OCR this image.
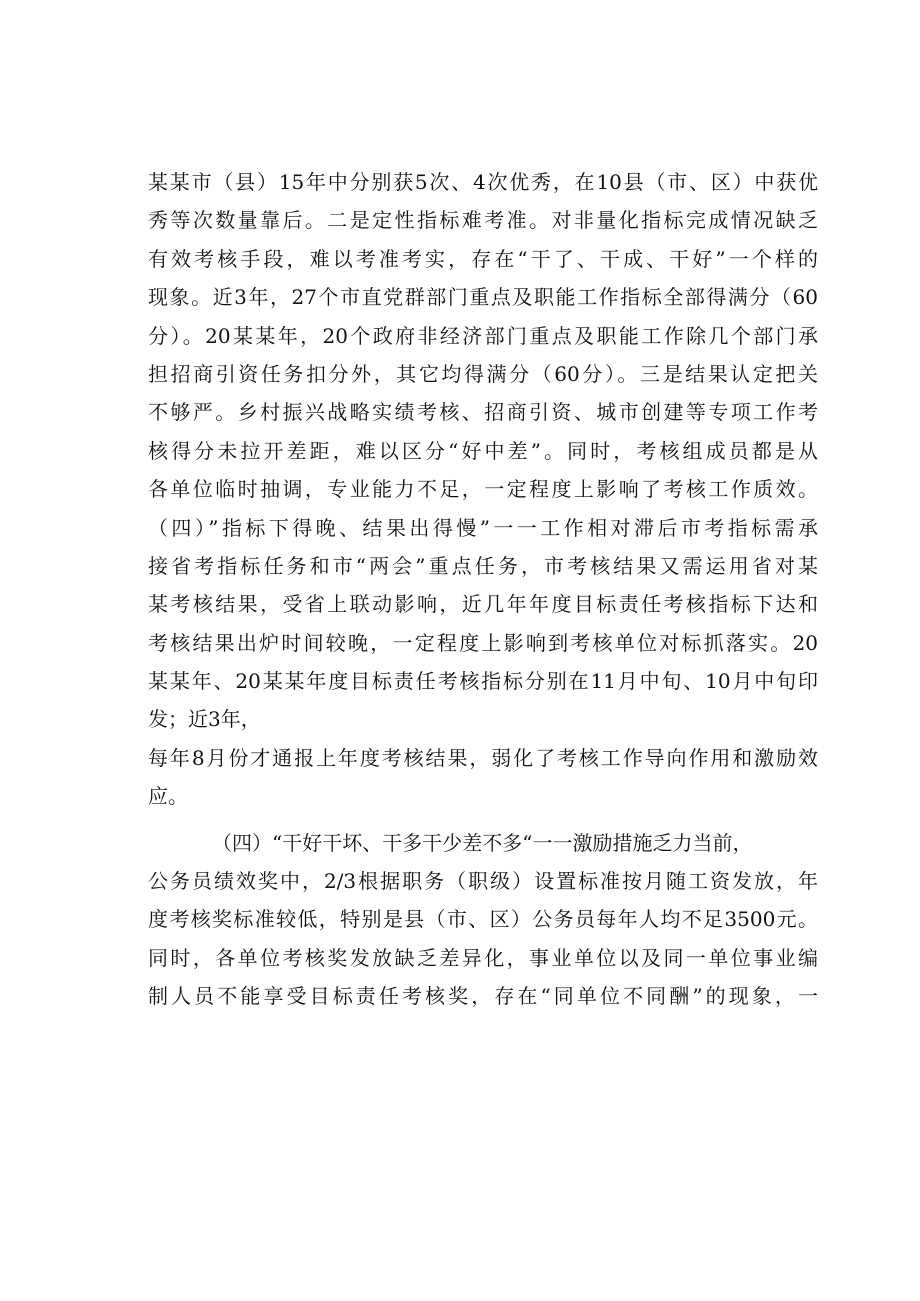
某某市（县）15年中分别获5次、4次优秀，在10县（市、区）中获优
秀等次数量靠后。二是定性指标难考准。对非量化指标完成情况缺乏
有效考核手段，难以考准考实，存在“干了、干成、干好”一个样的
现象。近3年，27个市直党群部门重点及职能工作指标全部得满分（60
分）。20某某年，20个政府非经济部门重点及职能工作除几个部门承
担招商引资任务扣分外，其它均得满分（60分）。三是结果认定把关
不够严。乡村振兴战略实绩考核、招商引资、城市创建等专项工作考
核得分未拉开差距，难以区分“好中差”。同时，考核组成员都是从
各单位临时抽调，专业能力不足，一定程度上影响了考核工作质效。
（四）”指标下得晚、结果出得慢”一一工作相对滞后市考指标需承
接省考指标任务和市“两会”重点任务，市考核结果又需运用省对某
某考核结果，受省上联动影响，近几年年度目标责任考核指标下达和
考核结果出炉时间较晚，一定程度上影响到考核单位对标抓落实。20
某某年、20某某年度目标责任考核指标分别在11月中旬、10月中旬印
发；近3年，
每年8月份才通报上年度考核结果，弱化了考核工作导向作用和激励效
应。
（四）“干好干坏、干多干少差不多“一一激励措施乏力当前，
公务员绩效奖中，2/3根据职务（职级）设置标准按月随工资发放，年
度考核奖标准较低，特别是县（市、区）公务员每年人均不足3500元。
同时，各单位考核奖发放缺乏差异化，事业单位以及同一单位事业编
制人员不能享受目标责任考核奖，存在“同单位不同酬”的现象，一
